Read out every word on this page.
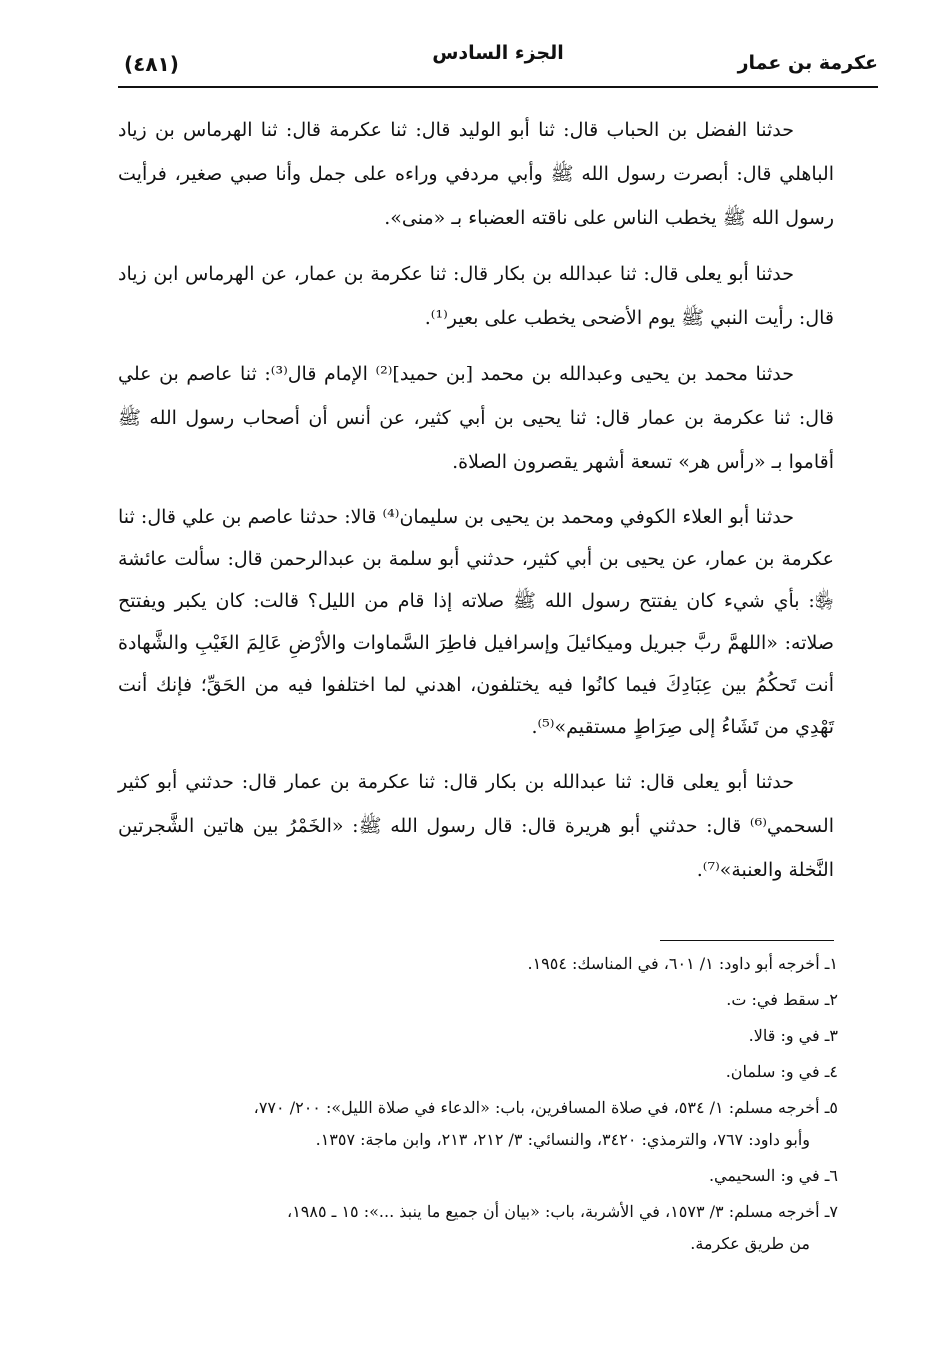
عكرمة بن عمار
الجزء السادس
(٤٨١)

حدثنا الفضل بن الحباب قال: ثنا أبو الوليد قال: ثنا عكرمة قال: ثنا الهرماس بن زياد الباهلي قال: أبصرت رسول الله ﷺ وأبي مردفي وراءه على جمل وأنا صبي صغير، فرأيت رسول الله ﷺ يخطب الناس على ناقته العضباء بـ «منى».

حدثنا أبو يعلى قال: ثنا عبدالله بن بكار قال: ثنا عكرمة بن عمار، عن الهرماس ابن زياد قال: رأيت النبي ﷺ يوم الأضحى يخطب على بعير⁽¹⁾.

حدثنا محمد بن يحيى وعبدالله بن محمد [بن حميد]⁽²⁾ الإمام قال⁽³⁾: ثنا عاصم بن علي قال: ثنا عكرمة بن عمار قال: ثنا يحيى بن أبي كثير، عن أنس أن أصحاب رسول الله ﷺ أقاموا بـ «رأس هر» تسعة أشهر يقصرون الصلاة.

حدثنا أبو العلاء الكوفي ومحمد بن يحيى بن سليمان⁽⁴⁾ قالا: حدثنا عاصم بن علي قال: ثنا عكرمة بن عمار، عن يحيى بن أبي كثير، حدثني أبو سلمة بن عبدالرحمن قال: سألت عائشة ﵂: بأي شيء كان يفتتح رسول الله ﷺ صلاته إذا قام من الليل؟ قالت: كان يكبر ويفتتح صلاته: «اللهمَّ ربَّ جبريل وميكائيلَ وإسرافيل فاطِرَ السَّماوات والأرْضِ عَالِمَ الغَيْبِ والشَّهادة أنت تَحكُمُ بين عِبَادِكَ فيما كانُوا فيه يختلفون، اهدني لما اختلفوا فيه من الحَقِّ؛ فإنك أنت تَهْدِي من تَشَاءُ إلى صِرَاطٍ مستقيم»⁽⁵⁾.

حدثنا أبو يعلى قال: ثنا عبدالله بن بكار قال: ثنا عكرمة بن عمار قال: حدثني أبو كثير السحمي⁽⁶⁾ قال: حدثني أبو هريرة قال: قال رسول الله ﷺ: «الخَمْرُ بين هاتين الشَّجرتين النَّخلة والعنبة»⁽⁷⁾.

١ـ أخرجه أبو داود: ١/ ٦٠١، في المناسك: ١٩٥٤.
٢ـ سقط في: ت.
٣ـ في و: قالا.
٤ـ في و: سلمان.
٥ـ أخرجه مسلم: ١/ ٥٣٤، في صلاة المسافرين، باب: «الدعاء في صلاة الليل»: ٢٠٠/ ٧٧٠،
وأبو داود: ٧٦٧، والترمذي: ٣٤٢٠، والنسائي: ٣/ ٢١٢، ٢١٣، وابن ماجة: ١٣٥٧.
٦ـ في و: السحيمي.
٧ـ أخرجه مسلم: ٣/ ١٥٧٣، في الأشربة، باب: «بيان أن جميع ما ينبذ ...»: ١٥ ـ ١٩٨٥،
من طريق عكرمة.
